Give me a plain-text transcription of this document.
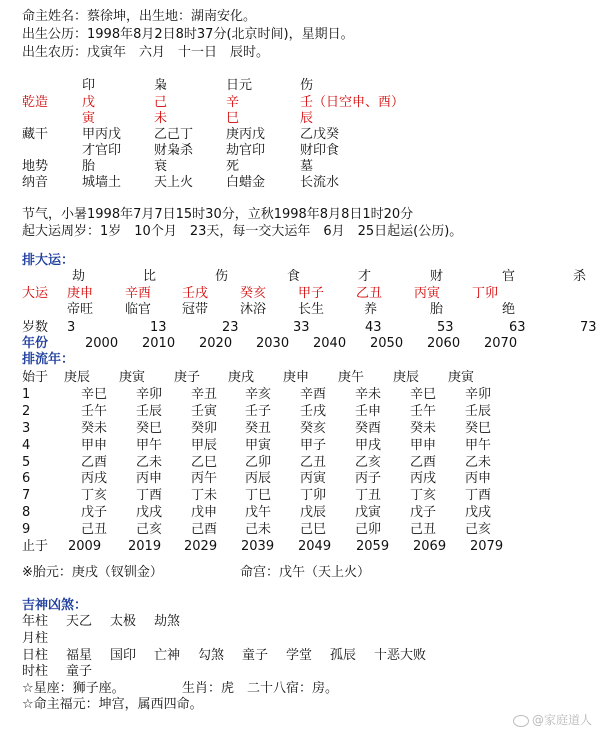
命主姓名：蔡徐坤，出生地：湖南安化。
出生公历：1998年8月2日8时37分(北京时间)，星期日。
出生农历：戊寅年　六月　十一日　辰时。
印	枭	日元	伤
乾造	戊	己	辛	壬（日空申、酉）
寅	未	巳	辰
藏干	甲丙戊	乙己丁	庚丙戊	乙戊癸
才官印	财枭杀	劫官印	财印食
地势	胎	衰	死	墓
纳音	城墙土	天上火	白蜡金	长流水
节气，小暑1998年7月7日15时30分，立秋1998年8月8日1时20分
起大运周岁：1岁　10个月　23天，每一交大运年　6月　25日起运(公历)。
排大运：
劫	比	伤	食	才	财	官	杀
大运 庚申 辛酉 壬戌 癸亥 甲子 乙丑 丙寅 丁卯
帝旺 临官 冠带 沐浴 长生	养	胎	绝
岁数 3	13	23	33	43	53	63	73
年份	2000 2010 2020 2030 2040 2050 2060 2070
排流年：
始于 庚辰 庚寅 庚子 庚戌 庚申 庚午 庚辰 庚寅
1	辛巳 辛卯 辛丑 辛亥 辛酉 辛未 辛巳 辛卯
2	壬午 壬辰 壬寅 壬子 壬戌 壬申 壬午 壬辰
3	癸未 癸巳 癸卯 癸丑 癸亥 癸酉 癸未 癸巳
4	甲申 甲午 甲辰 甲寅 甲子 甲戌 甲申 甲午
5	乙酉 乙未 乙巳 乙卯 乙丑 乙亥 乙酉 乙未
6	丙戌 丙申 丙午 丙辰 丙寅 丙子 丙戌 丙申
7	丁亥 丁酉 丁未 丁巳 丁卯 丁丑 丁亥 丁酉
8	戊子 戊戌 戊申 戊午 戊辰 戊寅 戊子 戊戌
9	己丑 己亥 己酉 己未 己巳 己卯 己丑 己亥
止于 2009 2019 2029 2039 2049 2059 2069 2079
※胎元：庚戌（钗钏金）	命宫：戊午（天上火）
吉神凶煞：
年柱 天乙 太极 劫煞
月柱
日柱 福星 国印 亡神 勾煞 童子 学堂 孤辰 十恶大败
时柱 童子
☆星座：狮子座。	生肖：虎　二十八宿：房。
☆命主福元：坤宫，属西四命。
@家庭道人
